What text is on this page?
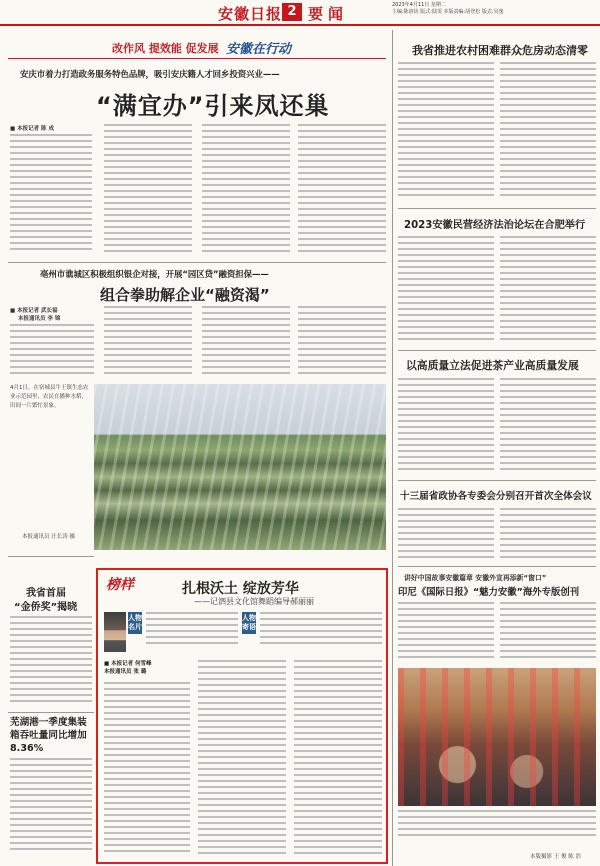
安徽日报 2 要闻	2023年4月11日 星期二
主编:陈溶坊 版式:陆雯 本版责编:胡登松 版式:吴逸
改作风 提效能 促发展 安徽在行动
安庆市着力打造政务服务特色品牌，吸引安庆籍人才回乡投资兴业——
“满宜办”引来凤还巢
■ 本报记者 陈 成
亳州市谯城区积极组织银企对接，开展“园区贷”融资担保——
组合拳助解企业“融资渴”
■ 本报记者 武长福
本报通讯员 李 锦
4月1日，在宿城县牛王镇生态农业示范园里，农民在播种水稻，田间一片繁忙景象。
本报通讯员 汪长涛 摄
我省推进农村困难群众危房动态清零
2023安徽民营经济法治论坛在合肥举行
以高质量立法促进茶产业高质量发展
十三届省政协各专委会分别召开首次全体会议
讲好中国故事安徽篇章 安徽外宣再添新“窗口”
印尼《国际日报》“魅力安徽”海外专版创刊
本版摄影 王 俊 陈 浩
我省首届
“金侨奖”揭晓
芜湖港一季度集装箱吞吐量同比增加8.36%
榜样	扎根沃土 绽放芳华
——记泗县文化馆舞蹈编导郝丽丽
人物名片
人物寄语
■ 本报记者 何雪峰
本报通讯员 张 璐
